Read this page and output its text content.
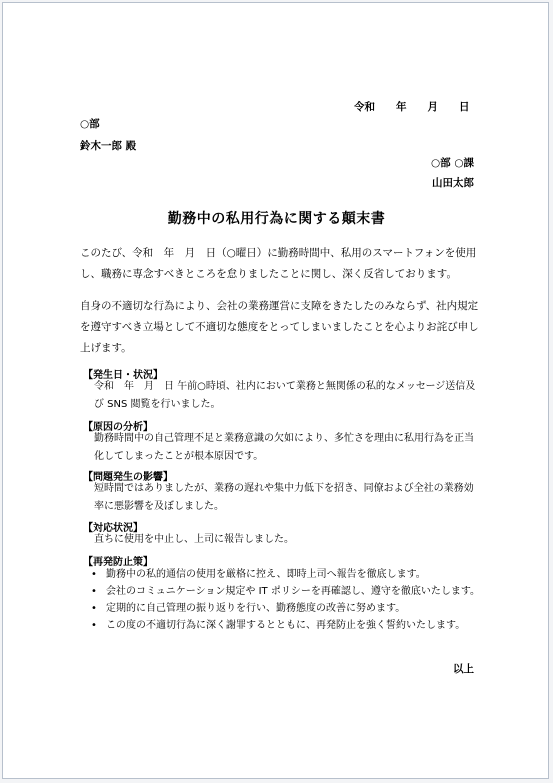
令和　　年　　月　　日
○部
鈴木一郎 殿
○部 ○課
山田太郎
勤務中の私用行為に関する顛末書
このたび、令和　年　月　日（○曜日）に勤務時間中、私用のスマートフォンを使用し、職務に専念すべきところを怠りましたことに関し、深く反省しております。
自身の不適切な行為により、会社の業務運営に支障をきたしたのみならず、社内規定を遵守すべき立場として不適切な態度をとってしまいましたことを心よりお詫び申し上げます。
【発生日・状況】
令和　年　月　日 午前○時頃、社内において業務と無関係の私的なメッセージ送信及び SNS 閲覧を行いました。
【原因の分析】
勤務時間中の自己管理不足と業務意識の欠如により、多忙さを理由に私用行為を正当化してしまったことが根本原因です。
【問題発生の影響】
短時間ではありましたが、業務の遅れや集中力低下を招き、同僚および全社の業務効率に悪影響を及ぼしました。
【対応状況】
直ちに使用を中止し、上司に報告しました。
【再発防止策】
• 勤務中の私的通信の使用を厳格に控え、即時上司へ報告を徹底します。
• 会社のコミュニケーション規定や IT ポリシーを再確認し、遵守を徹底いたします。
• 定期的に自己管理の振り返りを行い、勤務態度の改善に努めます。
• この度の不適切行為に深く謝罪するとともに、再発防止を強く誓約いたします。
以上
